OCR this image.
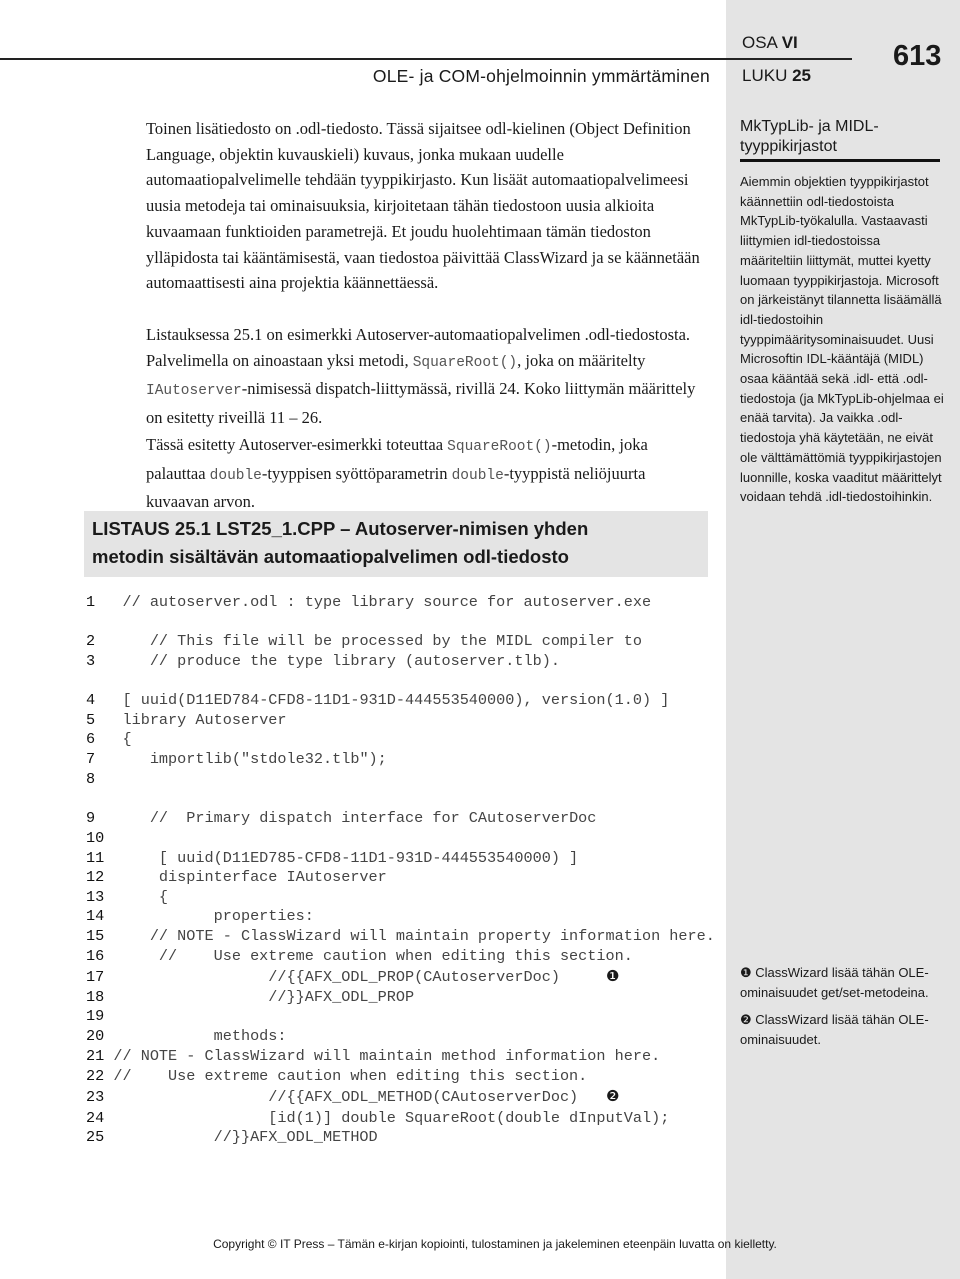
OLE- ja COM-ohjelmoinnin ymmärtäminen
OSA VI
LUKU 25
613

Toinen lisätiedosto on .odl-tiedosto. Tässä sijaitsee odl-kielinen (Object Definition Language, objektin kuvauskieli) kuvaus, jonka mukaan uudelle automaatiopalvelimelle tehdään tyyppikirjasto. Kun lisäät automaatiopalvelimeesi uusia metodeja tai ominaisuuksia, kirjoitetaan tähän tiedostoon uusia alkioita kuvaamaan funktioiden parametrejä. Et joudu huolehtimaan tämän tiedoston ylläpidosta tai kääntämisestä, vaan tiedostoa päivittää ClassWizard ja se käännetään automaattisesti aina projektia käännettäessä.

Listauksessa 25.1 on esimerkki Autoserver-automaatiopalvelimen .odl-tiedostosta. Palvelimella on ainoastaan yksi metodi, SquareRoot(), joka on määritelty IAutoserver-nimisessä dispatch-liittymässä, rivillä 24. Koko liittymän määrittely on esitetty riveillä 11 – 26.

Tässä esitetty Autoserver-esimerkki toteuttaa SquareRoot()-metodin, joka palauttaa double-tyyppisen syöttöparametrin double-tyyppistä neliöjuurta kuvaavan arvon.

LISTAUS 25.1 LST25_1.CPP – Autoserver-nimisen yhden
metodin sisältävän automaatiopalvelimen odl-tiedosto
1   // autoserver.odl : type library source for autoserver.exe
2      // This file will be processed by the MIDL compiler to
3      // produce the type library (autoserver.tlb).
4   [ uuid(D11ED784-CFD8-11D1-931D-444553540000), version(1.0) ]
5   library Autoserver
6   {
7      importlib("stdole32.tlb");
8
9      //  Primary dispatch interface for CAutoserverDoc
10
11      [ uuid(D11ED785-CFD8-11D1-931D-444553540000) ]
12      dispinterface IAutoserver
13      {
14            properties:
15     // NOTE - ClassWizard will maintain property information here.
16      //    Use extreme caution when editing this section.
17                  //{{AFX_ODL_PROP(CAutoserverDoc)
18                  //}}AFX_ODL_PROP
19
20            methods:
21 // NOTE - ClassWizard will maintain method information here.
22 //    Use extreme caution when editing this section.
23                  //{{AFX_ODL_METHOD(CAutoserverDoc)
24                  [id(1)] double SquareRoot(double dInputVal);
25            //}}AFX_ODL_METHOD
❶
❷
MkTypLib- ja MIDL-tyyppikirjastot
Aiemmin objektien tyyppikirjastot käännettiin odl-tiedostoista MkTypLib-työkalulla. Vastaavasti liittymien idl-tiedostoissa määriteltiin liittymät, muttei kyetty luomaan tyyppikirjastoja. Microsoft on järkeistänyt tilannetta lisäämällä idl-tiedostoihin tyyppimääritysominaisuudet. Uusi Microsoftin IDL-kääntäjä (MIDL) osaa kääntää sekä .idl- että .odl-tiedostoja (ja MkTypLib-ohjelmaa ei enää tarvita). Ja vaikka .odl-tiedostoja yhä käytetään, ne eivät ole välttämättömiä tyyppikirjastojen luonnille, koska vaaditut määrittelyt voidaan tehdä .idl-tiedostoihinkin.
❶ ClassWizard lisää tähän OLE-ominaisuudet get/set-metodeina.
❷ ClassWizard lisää tähän OLE-ominaisuudet.
Copyright © IT Press – Tämän e-kirjan kopiointi, tulostaminen ja jakeleminen eteenpäin luvatta on kielletty.
